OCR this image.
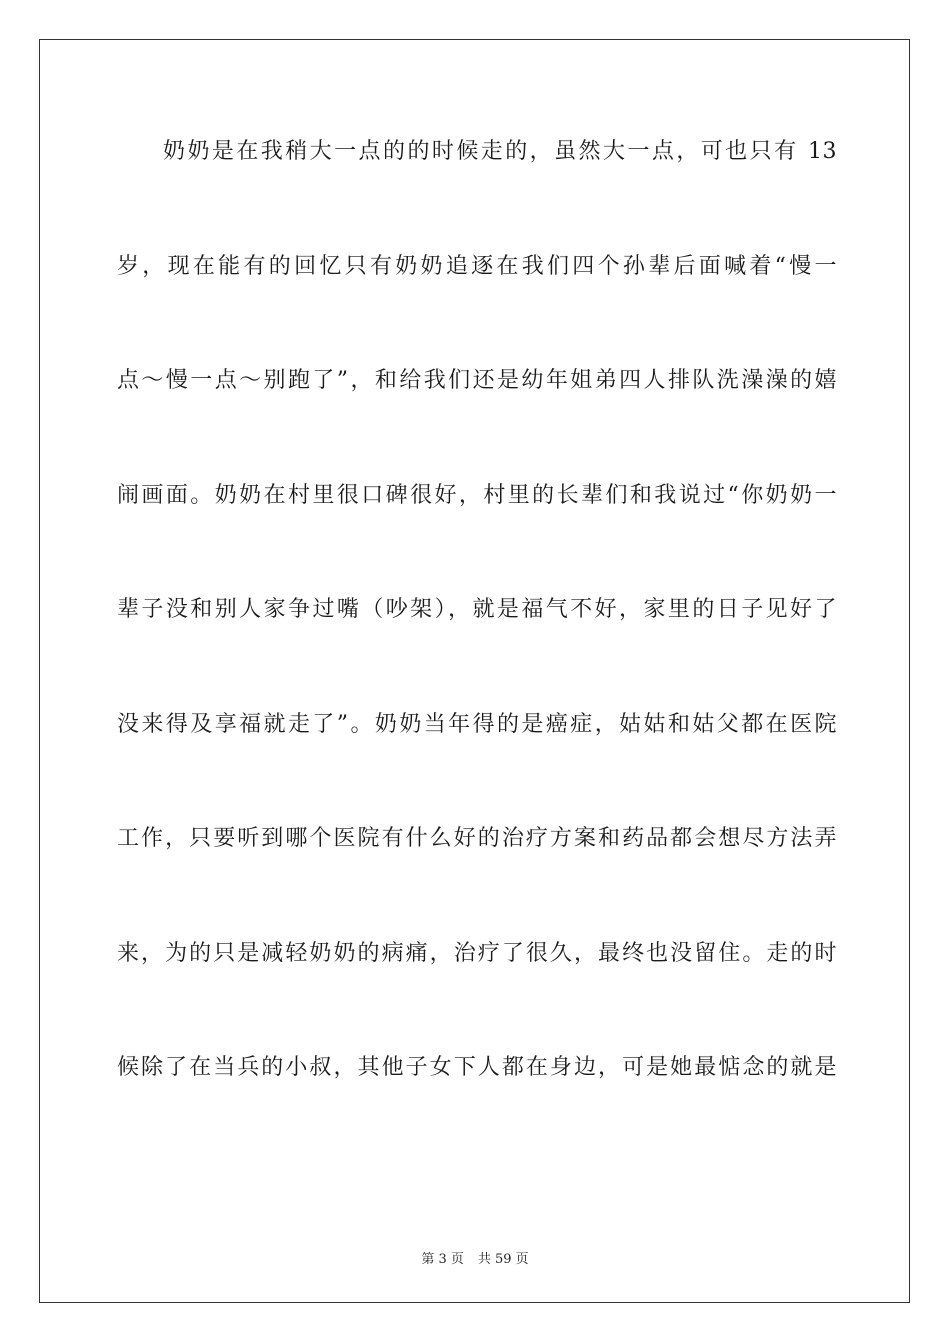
奶奶是在我稍大一点的的时候走的，虽然大一点，可也只有 13
岁，现在能有的回忆只有奶奶追逐在我们四个孙辈后面喊着“慢一
点～慢一点～别跑了”，和给我们还是幼年姐弟四人排队洗澡澡的嬉
闹画面。奶奶在村里很口碑很好，村里的长辈们和我说过“你奶奶一
辈子没和别人家争过嘴（吵架），就是福气不好，家里的日子见好了
没来得及享福就走了”。奶奶当年得的是癌症，姑姑和姑父都在医院
工作，只要听到哪个医院有什么好的治疗方案和药品都会想尽方法弄
来，为的只是减轻奶奶的病痛，治疗了很久，最终也没留住。走的时
候除了在当兵的小叔，其他子女下人都在身边，可是她最惦念的就是
第 3 页 共 59 页
